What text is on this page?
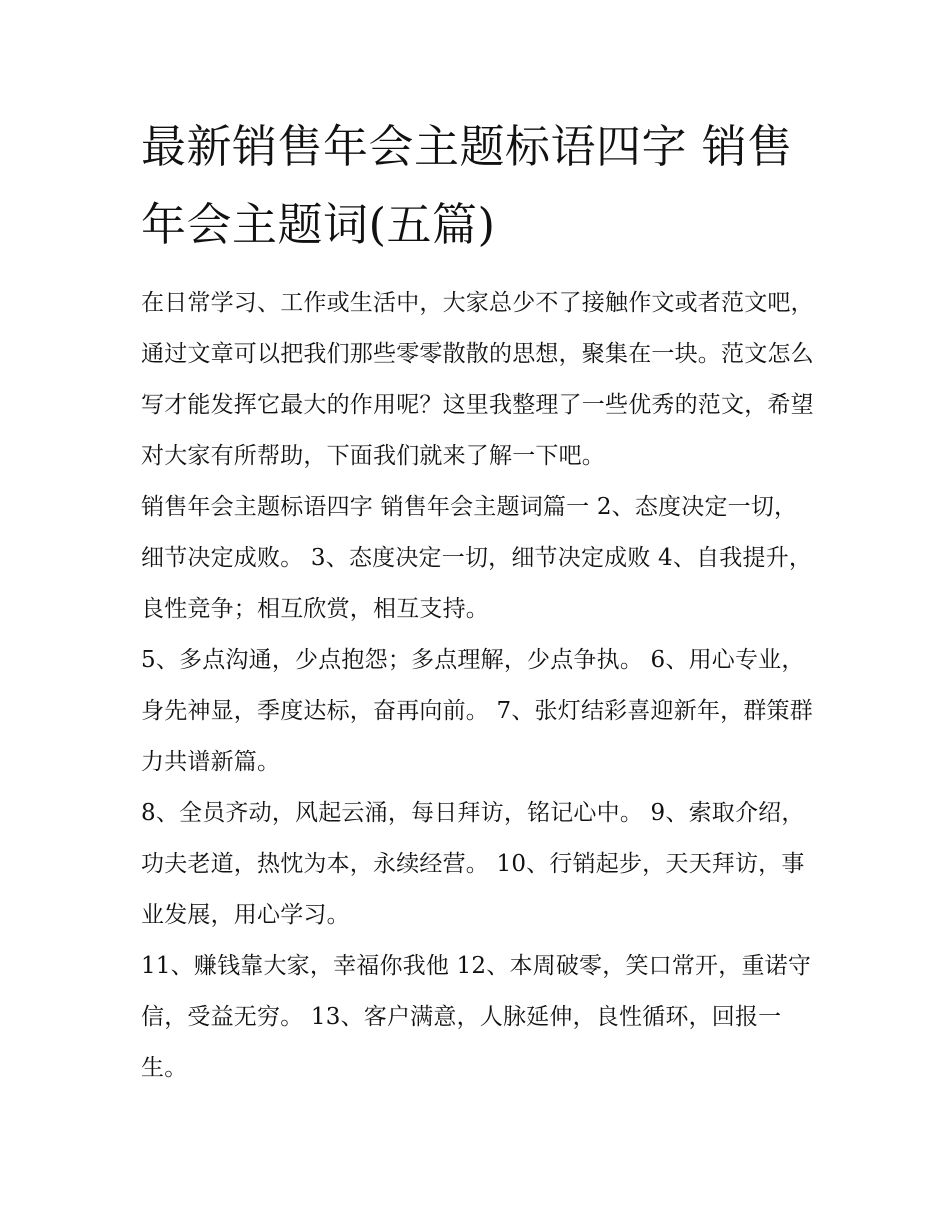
最新销售年会主题标语四字 销售年会主题词(五篇)

在日常学习、工作或生活中，大家总少不了接触作文或者范文吧，通过文章可以把我们那些零零散散的思想，聚集在一块。范文怎么写才能发挥它最大的作用呢？这里我整理了一些优秀的范文，希望对大家有所帮助，下面我们就来了解一下吧。

销售年会主题标语四字 销售年会主题词篇一 2、态度决定一切，细节决定成败。 3、态度决定一切，细节决定成败 4、自我提升，良性竞争；相互欣赏，相互支持。

5、多点沟通，少点抱怨；多点理解，少点争执。 6、用心专业，身先神显，季度达标，奋再向前。 7、张灯结彩喜迎新年，群策群力共谱新篇。

8、全员齐动，风起云涌，每日拜访，铭记心中。 9、索取介绍，功夫老道，热忱为本，永续经营。 10、行销起步，天天拜访，事业发展，用心学习。

11、赚钱靠大家，幸福你我他 12、本周破零，笑口常开，重诺守信，受益无穷。 13、客户满意，人脉延伸，良性循环，回报一生。
